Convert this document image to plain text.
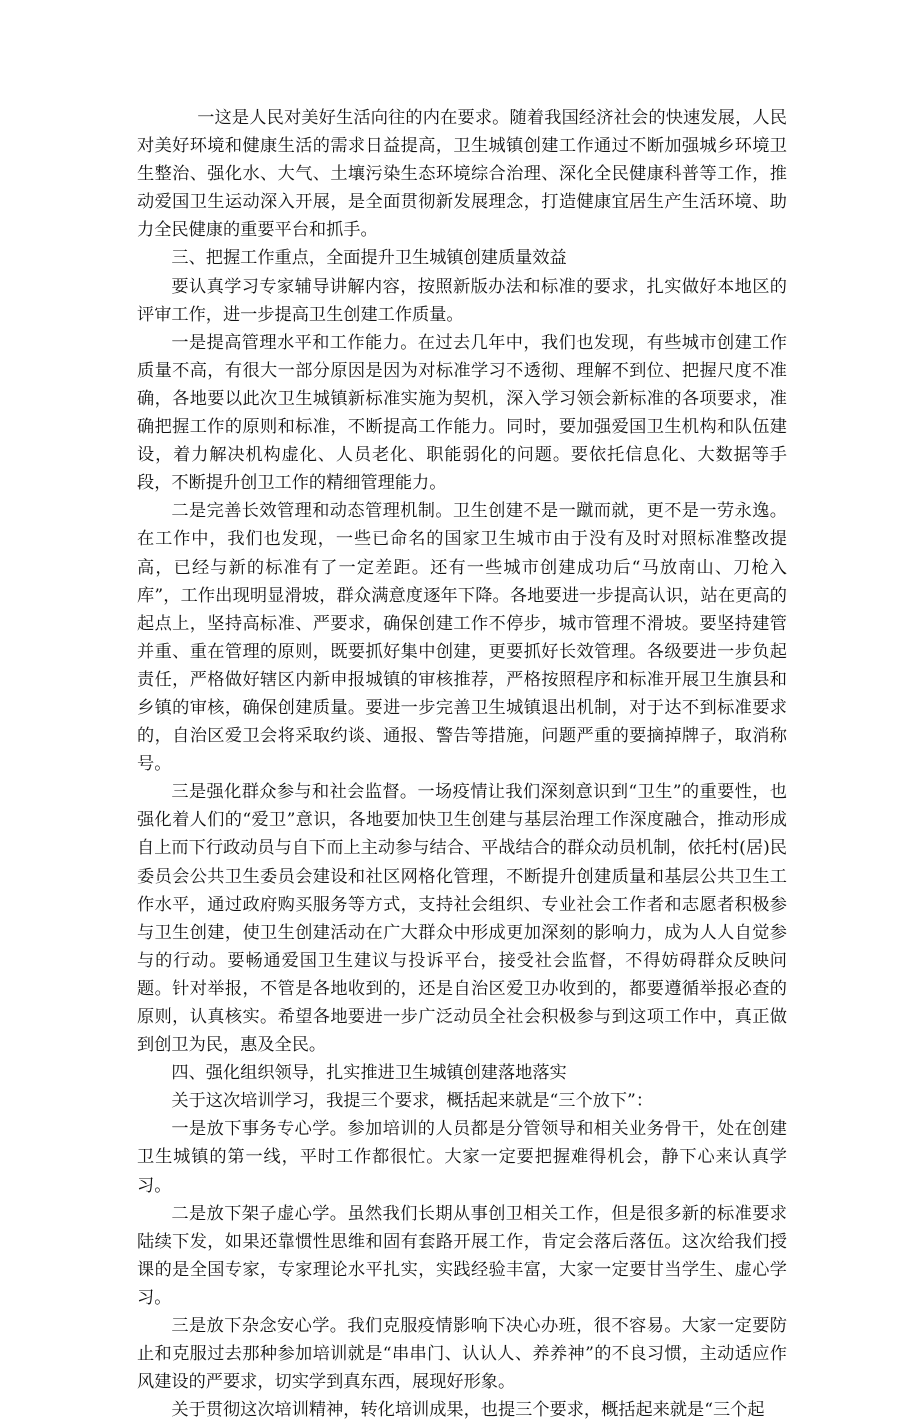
一这是人民对美好生活向往的内在要求。随着我国经济社会的快速发展，人民对美好环境和健康生活的需求日益提高，卫生城镇创建工作通过不断加强城乡环境卫生整治、强化水、大气、土壤污染生态环境综合治理、深化全民健康科普等工作，推动爱国卫生运动深入开展，是全面贯彻新发展理念，打造健康宜居生产生活环境、助力全民健康的重要平台和抓手。

三、把握工作重点，全面提升卫生城镇创建质量效益

要认真学习专家辅导讲解内容，按照新版办法和标准的要求，扎实做好本地区的评审工作，进一步提高卫生创建工作质量。

一是提高管理水平和工作能力。在过去几年中，我们也发现，有些城市创建工作质量不高，有很大一部分原因是因为对标准学习不透彻、理解不到位、把握尺度不准确，各地要以此次卫生城镇新标准实施为契机，深入学习领会新标准的各项要求，准确把握工作的原则和标准，不断提高工作能力。同时，要加强爱国卫生机构和队伍建设，着力解决机构虚化、人员老化、职能弱化的问题。要依托信息化、大数据等手段，不断提升创卫工作的精细管理能力。

二是完善长效管理和动态管理机制。卫生创建不是一蹴而就，更不是一劳永逸。在工作中，我们也发现，一些已命名的国家卫生城市由于没有及时对照标准整改提高，已经与新的标准有了一定差距。还有一些城市创建成功后“马放南山、刀枪入库”，工作出现明显滑坡，群众满意度逐年下降。各地要进一步提高认识，站在更高的起点上，坚持高标准、严要求，确保创建工作不停步，城市管理不滑坡。要坚持建管并重、重在管理的原则，既要抓好集中创建，更要抓好长效管理。各级要进一步负起责任，严格做好辖区内新申报城镇的审核推荐，严格按照程序和标准开展卫生旗县和乡镇的审核，确保创建质量。要进一步完善卫生城镇退出机制，对于达不到标准要求的，自治区爱卫会将采取约谈、通报、警告等措施，问题严重的要摘掉牌子，取消称号。

三是强化群众参与和社会监督。一场疫情让我们深刻意识到“卫生”的重要性，也强化着人们的“爱卫”意识，各地要加快卫生创建与基层治理工作深度融合，推动形成自上而下行政动员与自下而上主动参与结合、平战结合的群众动员机制，依托村(居)民委员会公共卫生委员会建设和社区网格化管理，不断提升创建质量和基层公共卫生工作水平，通过政府购买服务等方式，支持社会组织、专业社会工作者和志愿者积极参与卫生创建，使卫生创建活动在广大群众中形成更加深刻的影响力，成为人人自觉参与的行动。要畅通爱国卫生建议与投诉平台，接受社会监督，不得妨碍群众反映问题。针对举报，不管是各地收到的，还是自治区爱卫办收到的，都要遵循举报必查的原则，认真核实。希望各地要进一步广泛动员全社会积极参与到这项工作中，真正做到创卫为民，惠及全民。

四、强化组织领导，扎实推进卫生城镇创建落地落实

关于这次培训学习，我提三个要求，概括起来就是“三个放下”：

一是放下事务专心学。参加培训的人员都是分管领导和相关业务骨干，处在创建卫生城镇的第一线，平时工作都很忙。大家一定要把握难得机会，静下心来认真学习。

二是放下架子虚心学。虽然我们长期从事创卫相关工作，但是很多新的标准要求陆续下发，如果还靠惯性思维和固有套路开展工作，肯定会落后落伍。这次给我们授课的是全国专家，专家理论水平扎实，实践经验丰富，大家一定要甘当学生、虚心学习。

三是放下杂念安心学。我们克服疫情影响下决心办班，很不容易。大家一定要防止和克服过去那种参加培训就是“串串门、认认人、养养神”的不良习惯，主动适应作风建设的严要求，切实学到真东西，展现好形象。

关于贯彻这次培训精神，转化培训成果，也提三个要求，概括起来就是“三个起
